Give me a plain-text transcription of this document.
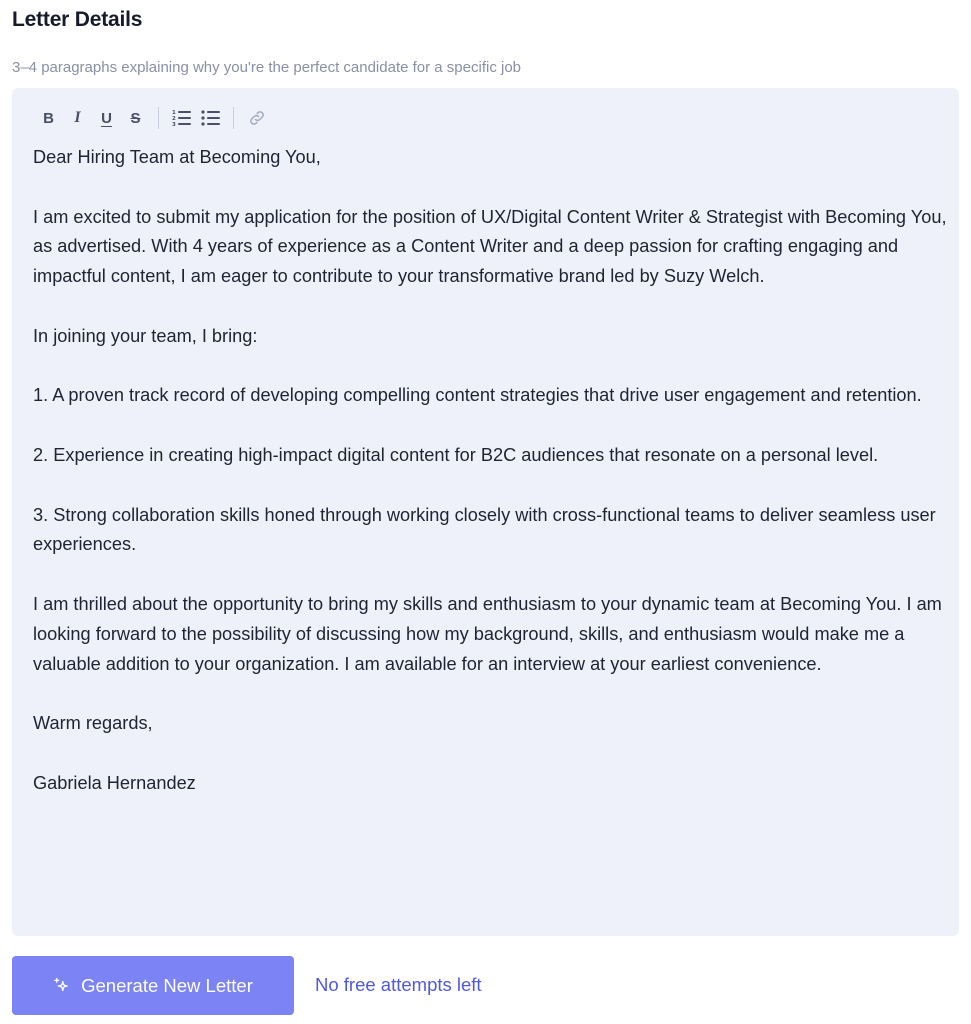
Letter Details
3–4 paragraphs explaining why you're the perfect candidate for a specific job
B I U S	1
2
3

Dear Hiring Team at Becoming You,

I am excited to submit my application for the position of UX/Digital Content Writer & Strategist with Becoming You, as advertised. With 4 years of experience as a Content Writer and a deep passion for crafting engaging and impactful content, I am eager to contribute to your transformative brand led by Suzy Welch.

In joining your team, I bring:

1. A proven track record of developing compelling content strategies that drive user engagement and retention.

2. Experience in creating high-impact digital content for B2C audiences that resonate on a personal level.

3. Strong collaboration skills honed through working closely with cross-functional teams to deliver seamless user experiences.

I am thrilled about the opportunity to bring my skills and enthusiasm to your dynamic team at Becoming You. I am looking forward to the possibility of discussing how my background, skills, and enthusiasm would make me a valuable addition to your organization. I am available for an interview at your earliest convenience.

Warm regards,

Gabriela Hernandez

Generate New Letter	No free attempts left
